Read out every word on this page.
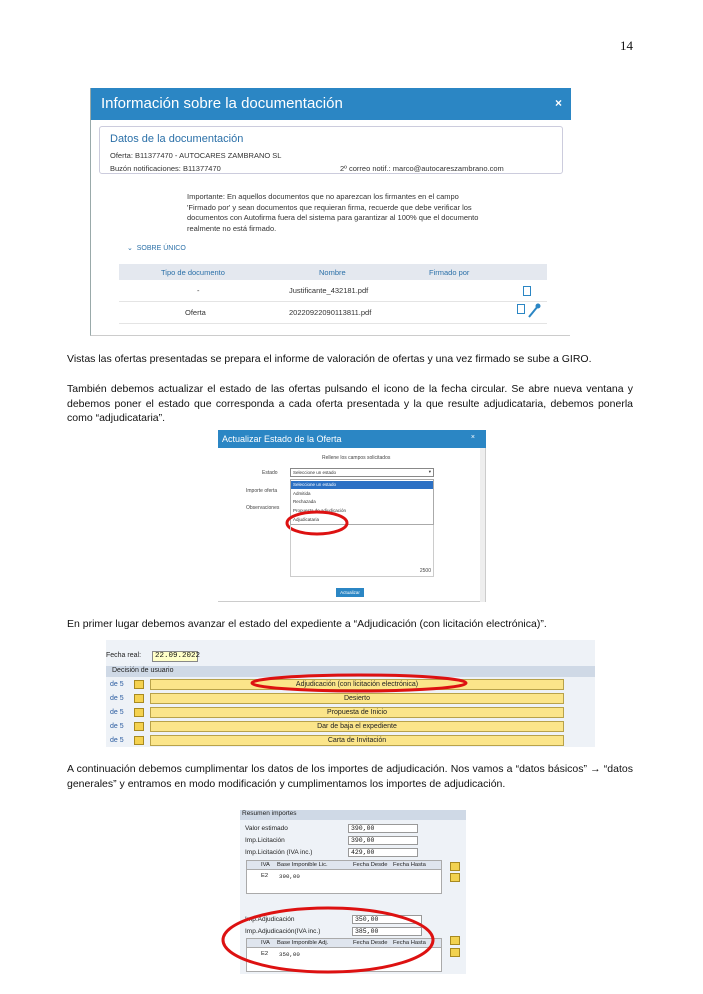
14
Información sobre la documentación	×
Datos de la documentación
Oferta: B11377470 - AUTOCARES ZAMBRANO SL
Buzón notificaciones: B11377470	2º correo notif.: marco@autocareszambrano.com
Importante: En aquellos documentos que no aparezcan los firmantes en el campo 'Firmado por' y sean documentos que requieran firma, recuerde que debe verificar los documentos con Autofirma fuera del sistema para garantizar al 100% que el documento realmente no está firmado.
⌄ SOBRE ÚNICO
Tipo de documento	Nombre	Firmado por
-	Justificante_432181.pdf
Oferta	20220922090113811.pdf
Vistas las ofertas presentadas se prepara el informe de valoración de ofertas y una vez firmado se sube a GIRO.
También debemos actualizar el estado de las ofertas pulsando el icono de la fecha circular. Se abre nueva ventana y debemos poner el estado que corresponda a cada oferta presentada y la que resulte adjudicataria, debemos ponerla como “adjudicataria”.
Actualizar Estado de la Oferta	×
Rellene los campos solicitados
Estado
Importe oferta
Observaciones
Seleccione un estado	▾
Seleccione un estado
Admitida
Rechazada
Propuesta de adjudicación
Adjudicataria
2500
Actualizar
En primer lugar debemos avanzar el estado del expediente a “Adjudicación (con licitación electrónica)”.
Fecha real:	22.09.2022
Decisión de usuario
de 5	Adjudicación (con licitación electrónica)
de 5	Desierto
de 5	Propuesta de Inicio
de 5	Dar de baja el expediente
de 5	Carta de Invitación
A continuación debemos cumplimentar los datos de los importes de adjudicación. Nos vamos a “datos básicos” → “datos generales” y entramos en modo modificación y cumplimentamos los importes de adjudicación.
Resumen importes
Valor estimado	390,00
Imp.Licitación	390,00
Imp.Licitación (IVA inc.)	429,00
IVA Base Imponible Lic.	Fecha Desde Fecha Hasta
E2 390,00
Imp.Adjudicación	350,00
Imp.Adjudicación(IVA inc.)	385,00
IVA Base Imponible Adj.	Fecha Desde Fecha Hasta
E2 350,00
